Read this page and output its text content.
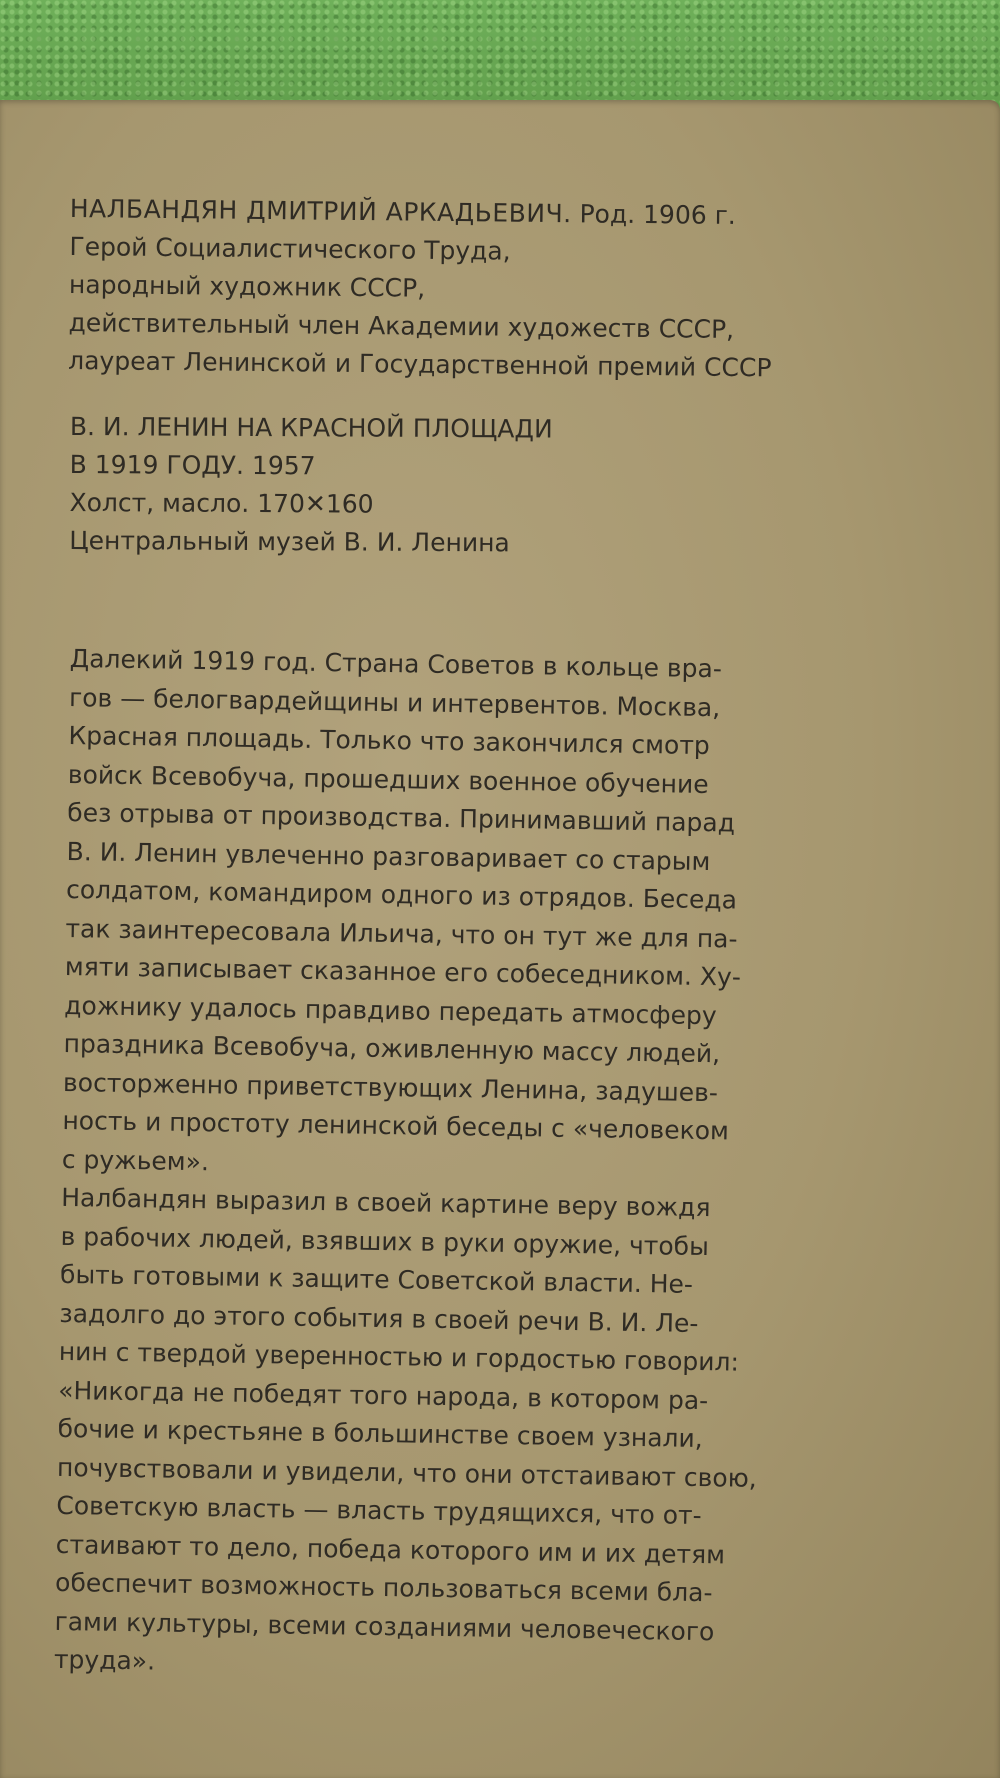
НАЛБАНДЯН ДМИТРИЙ АРКАДЬЕВИЧ. Род. 1906 г.
Герой Социалистического Труда,
народный художник СССР,
действительный член Академии художеств СССР,
лауреат Ленинской и Государственной премий СССР
В. И. ЛЕНИН НА КРАСНОЙ ПЛОЩАДИ
В 1919 ГОДУ. 1957
Холст, масло. 170✕160
Центральный музей В. И. Ленина
Далекий 1919 год. Страна Советов в кольце вра-
гов — белогвардейщины и интервентов. Москва,
Красная площадь. Только что закончился смотр
войск Всевобуча, прошедших военное обучение
без отрыва от производства. Принимавший парад
В. И. Ленин увлеченно разговаривает со старым
солдатом, командиром одного из отрядов. Беседа
так заинтересовала Ильича, что он тут же для па-
мяти записывает сказанное его собеседником. Ху-
дожнику удалось правдиво передать атмосферу
праздника Всевобуча, оживленную массу людей,
восторженно приветствующих Ленина, задушев-
ность и простоту ленинской беседы с «человеком
с ружьем».
Налбандян выразил в своей картине веру вождя
в рабочих людей, взявших в руки оружие, чтобы
быть готовыми к защите Советской власти. Не-
задолго до этого события в своей речи В. И. Ле-
нин с твердой уверенностью и гордостью говорил:
«Никогда не победят того народа, в котором ра-
бочие и крестьяне в большинстве своем узнали,
почувствовали и увидели, что они отстаивают свою,
Советскую власть — власть трудящихся, что от-
стаивают то дело, победа которого им и их детям
обеспечит возможность пользоваться всеми бла-
гами культуры, всеми созданиями человеческого
труда».
